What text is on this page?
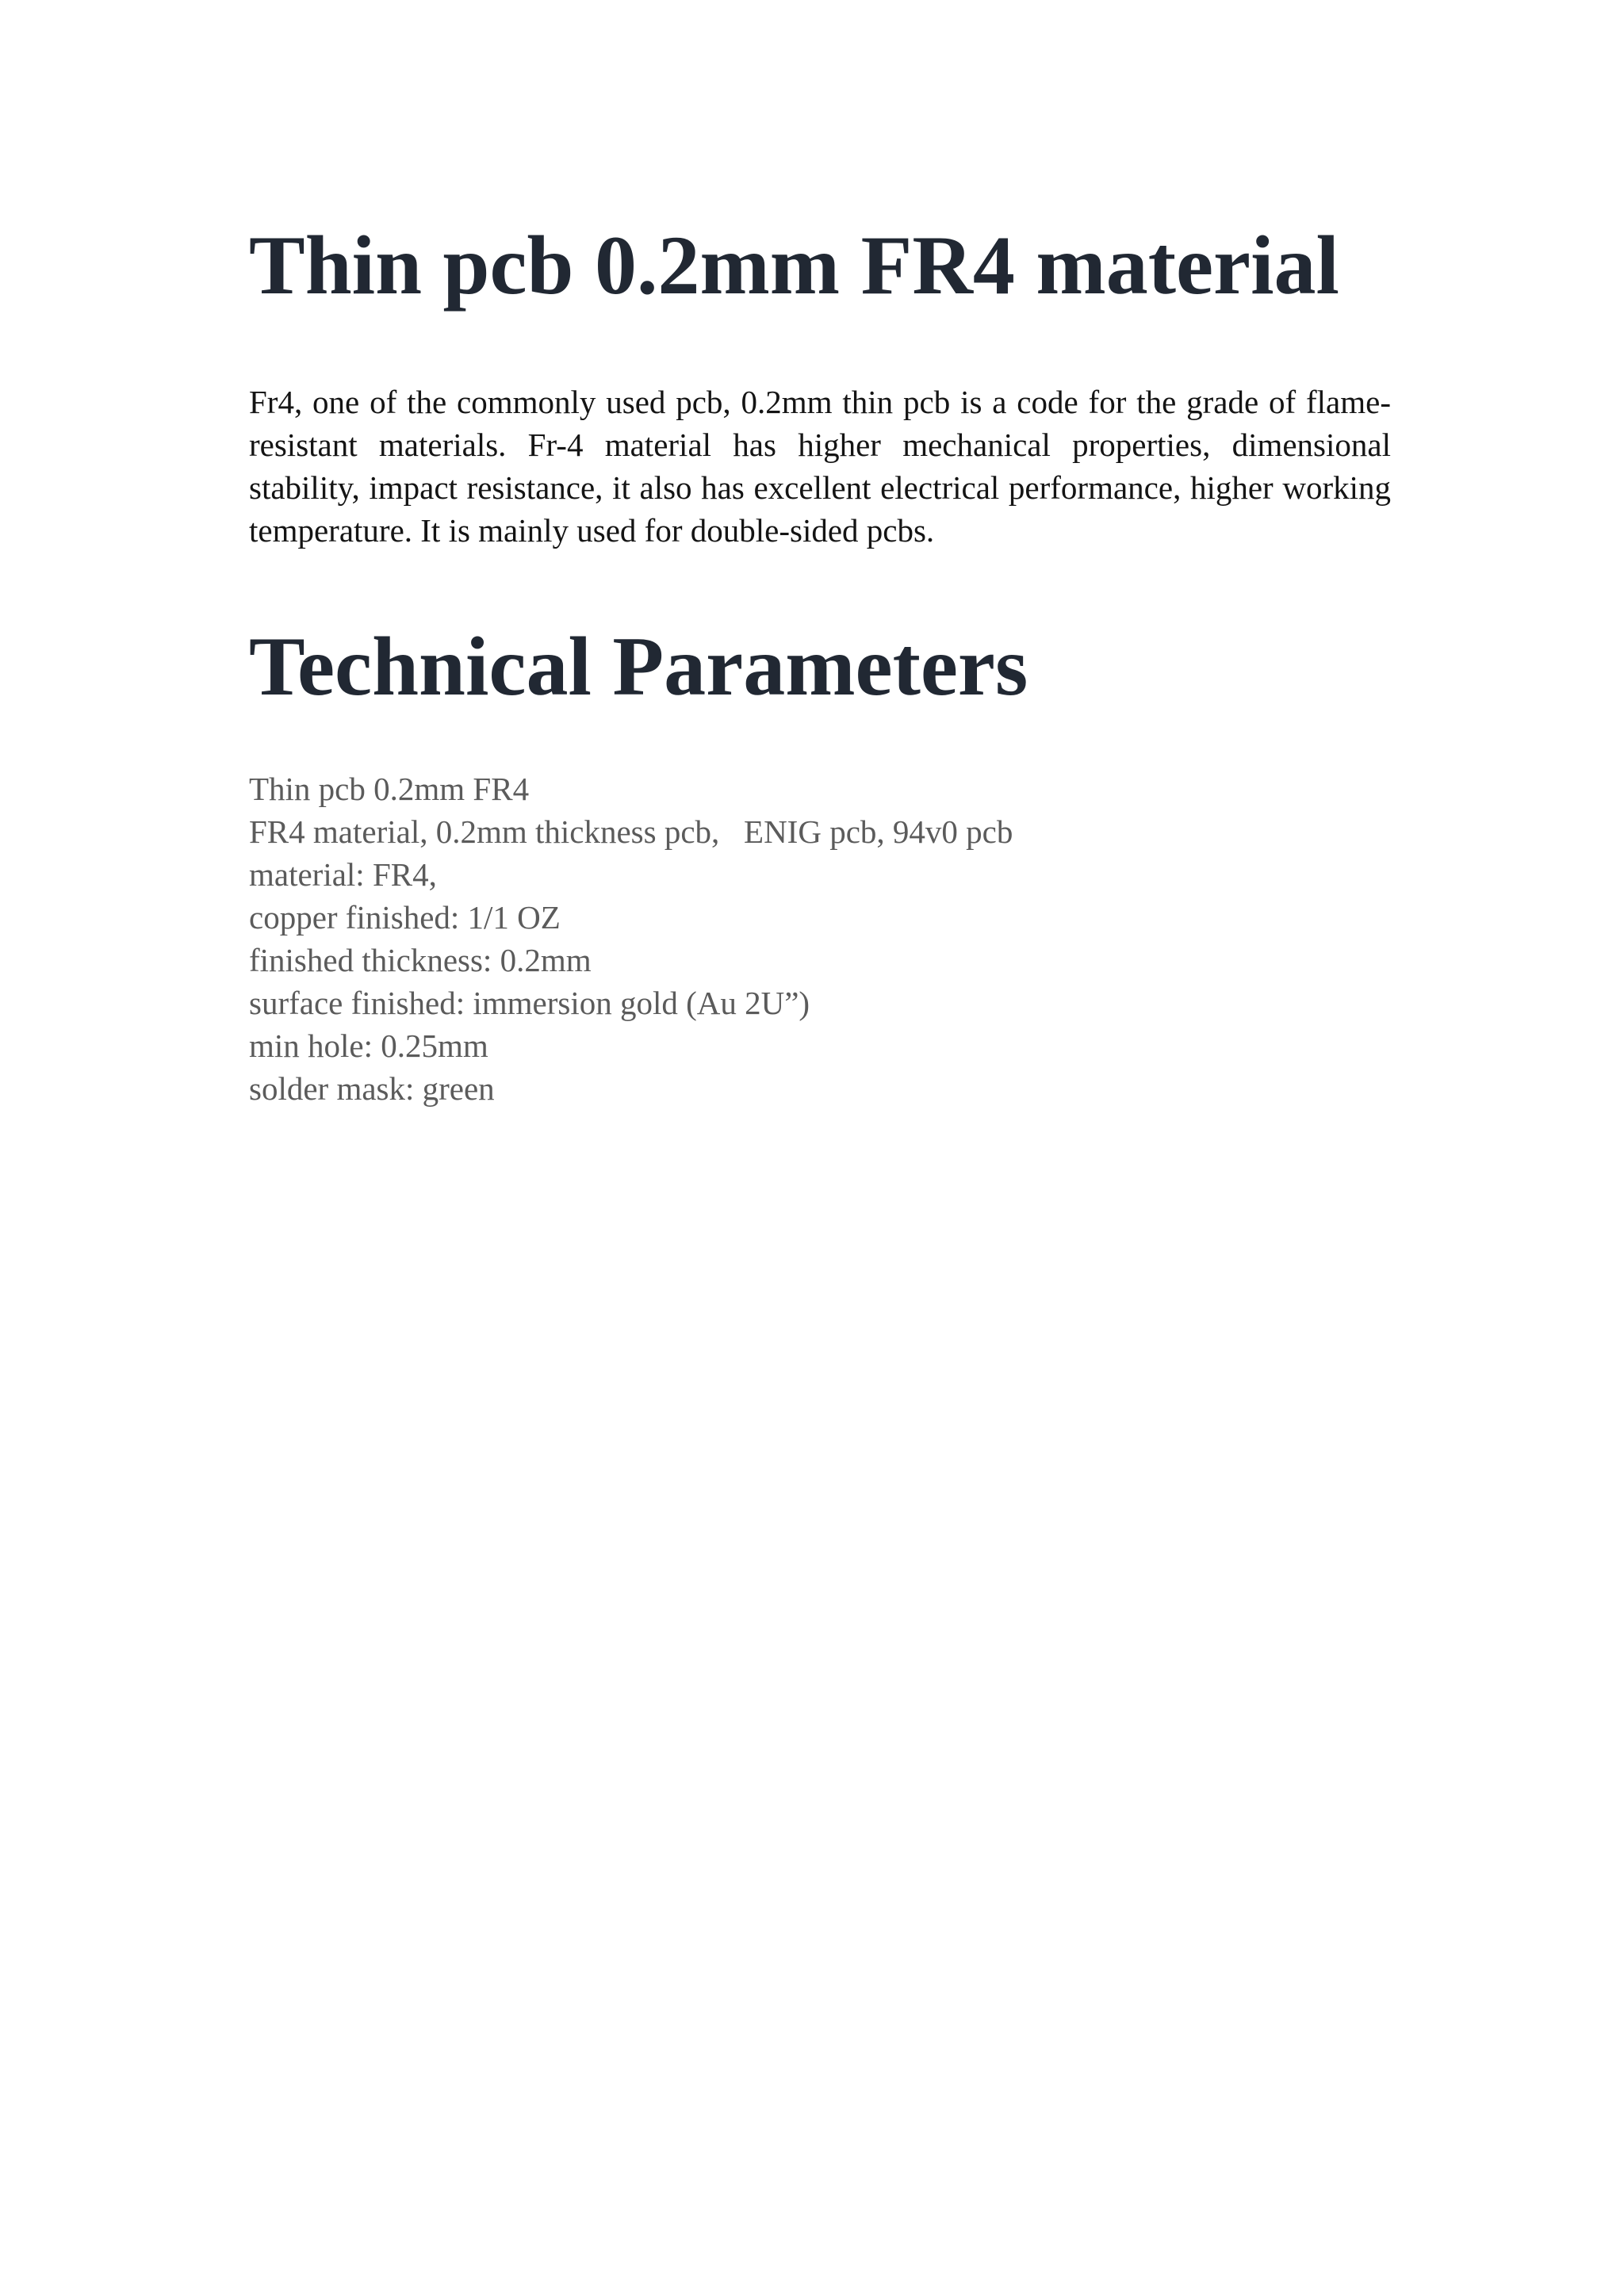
Thin pcb 0.2mm FR4 material

Fr4, one of the commonly used pcb, 0.2mm thin pcb is a code for the grade of flame-resistant materials. Fr-4 material has higher mechanical properties, dimensional stability, impact resistance, it also has excellent electrical performance, higher working temperature. It is mainly used for double-sided pcbs.

Technical Parameters
Thin pcb 0.2mm FR4
FR4 material, 0.2mm thickness pcb,   ENIG pcb, 94v0 pcb
material: FR4,
copper finished: 1/1 OZ
finished thickness: 0.2mm
surface finished: immersion gold (Au 2U”)
min hole: 0.25mm
solder mask: green
